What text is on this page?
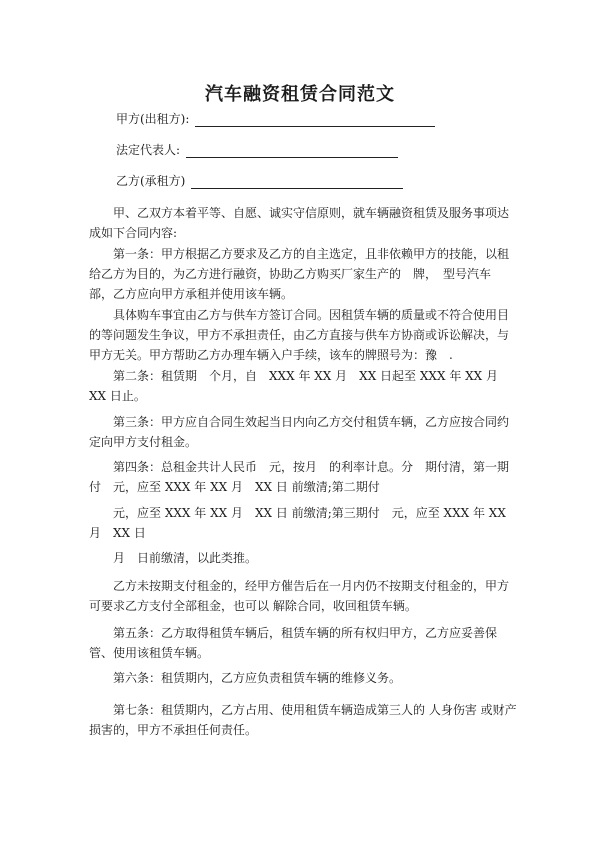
汽车融资租赁合同范文
甲方(出租方):
法定代表人:
乙方(承租方)
甲、乙双方本着平等、自愿、诚实守信原则，就车辆融资租赁及服务事项达成如下合同内容:
第一条：甲方根据乙方要求及乙方的自主选定，且非依赖甲方的技能，以租给乙方为目的，为乙方进行融资，协助乙方购买厂家生产的　牌，　型号汽车　部，乙方应向甲方承租并使用该车辆。
具体购车事宜由乙方与供车方签订合同。因租赁车辆的质量或不符合使用目的等问题发生争议，甲方不承担责任，由乙方直接与供车方协商或诉讼解决，与甲方无关。甲方帮助乙方办理车辆入户手续，该车的牌照号为：豫　.
第二条：租赁期　个月，自　XXX 年 XX 月　XX 日起至 XXX 年 XX 月　XX 日止。
第三条：甲方应自合同生效起当日内向乙方交付租赁车辆，乙方应按合同约定向甲方支付租金。
第四条：总租金共计人民币　元，按月　的利率计息。分　期付清，第一期付　元，应至 XXX 年 XX 月　XX 日 前缴清;第二期付
元，应至 XXX 年 XX 月　XX 日 前缴清;第三期付　元，应至 XXX 年 XX 月　XX 日
月　日前缴清，以此类推。
乙方未按期支付租金的，经甲方催告后在一月内仍不按期支付租金的，甲方可要求乙方支付全部租金，也可以 解除合同，收回租赁车辆。
第五条：乙方取得租赁车辆后，租赁车辆的所有权归甲方，乙方应妥善保管、使用该租赁车辆。
第六条：租赁期内，乙方应负责租赁车辆的维修义务。
第七条：租赁期内，乙方占用、使用租赁车辆造成第三人的 人身伤害 或财产损害的，甲方不承担任何责任。
